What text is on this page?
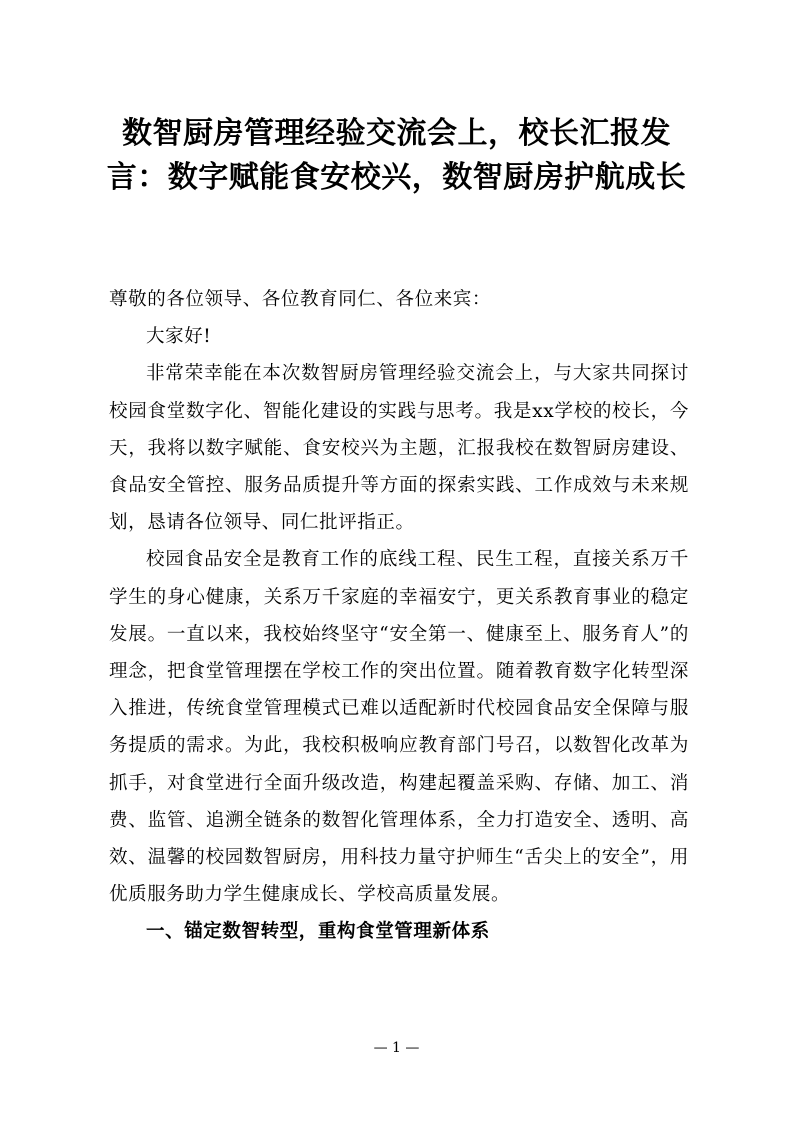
数智厨房管理经验交流会上，校长汇报发言：数字赋能食安校兴，数智厨房护航成长

尊敬的各位领导、各位教育同仁、各位来宾：

大家好!

非常荣幸能在本次数智厨房管理经验交流会上，与大家共同探讨校园食堂数字化、智能化建设的实践与思考。我是xx学校的校长，今天，我将以数字赋能、食安校兴为主题，汇报我校在数智厨房建设、食品安全管控、服务品质提升等方面的探索实践、工作成效与未来规划，恳请各位领导、同仁批评指正。

校园食品安全是教育工作的底线工程、民生工程，直接关系万千学生的身心健康，关系万千家庭的幸福安宁，更关系教育事业的稳定发展。一直以来，我校始终坚守“安全第一、健康至上、服务育人”的理念，把食堂管理摆在学校工作的突出位置。随着教育数字化转型深入推进，传统食堂管理模式已难以适配新时代校园食品安全保障与服务提质的需求。为此，我校积极响应教育部门号召，以数智化改革为抓手，对食堂进行全面升级改造，构建起覆盖采购、存储、加工、消费、监管、追溯全链条的数智化管理体系，全力打造安全、透明、高效、温馨的校园数智厨房，用科技力量守护师生“舌尖上的安全”，用优质服务助力学生健康成长、学校高质量发展。

一、锚定数智转型，重构食堂管理新体系

— 1 —
